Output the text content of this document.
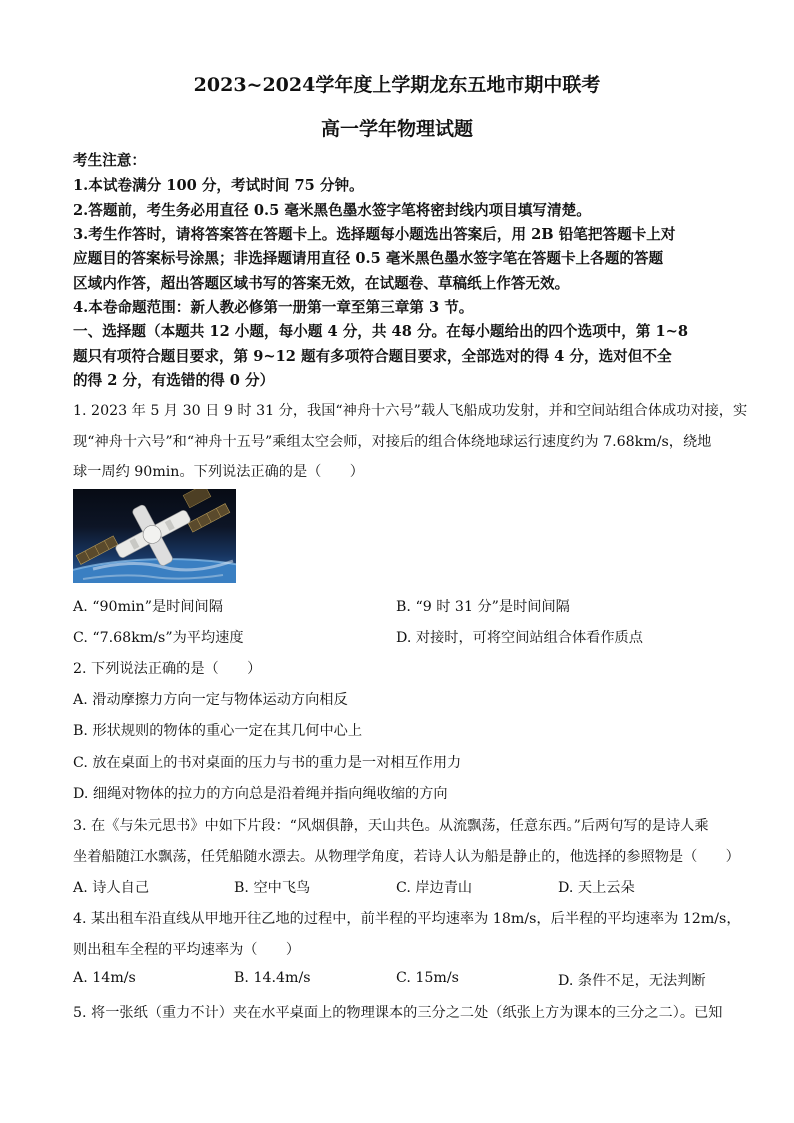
2023~2024学年度上学期龙东五地市期中联考
高一学年物理试题
考生注意：
1.本试卷满分 100 分，考试时间 75 分钟。
2.答题前，考生务必用直径 0.5 毫米黑色墨水签字笔将密封线内项目填写清楚。
3.考生作答时，请将答案答在答题卡上。选择题每小题选出答案后，用 2B 铅笔把答题卡上对
应题目的答案标号涂黑；非选择题请用直径 0.5 毫米黑色墨水签字笔在答题卡上各题的答题
区域内作答，超出答题区域书写的答案无效，在试题卷、草稿纸上作答无效。
4.本卷命题范围：新人教必修第一册第一章至第三章第 3 节。
一、选择题（本题共 12 小题，每小题 4 分，共 48 分。在每小题给出的四个选项中，第 1~8
题只有项符合题目要求，第 9~12 题有多项符合题目要求，全部选对的得 4 分，选对但不全
的得 2 分，有选错的得 0 分）
1. 2023 年 5 月 30 日 9 时 31 分，我国“神舟十六号”载人飞船成功发射，并和空间站组合体成功对接，实
现“神舟十六号”和“神舟十五号”乘组太空会师，对接后的组合体绕地球运行速度约为 7.68km/s，绕地
球一周约 90min。下列说法正确的是（　　）
A. “90min”是时间间隔	B. “9 时 31 分”是时间间隔
C. “7.68km/s”为平均速度	D. 对接时，可将空间站组合体看作质点
2. 下列说法正确的是（　　）
A. 滑动摩擦力方向一定与物体运动方向相反
B. 形状规则的物体的重心一定在其几何中心上
C. 放在桌面上的书对桌面的压力与书的重力是一对相互作用力
D. 细绳对物体的拉力的方向总是沿着绳并指向绳收缩的方向
3. 在《与朱元思书》中如下片段：“风烟俱静，天山共色。从流飘荡，任意东西。”后两句写的是诗人乘
坐着船随江水飘荡，任凭船随水漂去。从物理学角度，若诗人认为船是静止的，他选择的参照物是（　　）
A. 诗人自己	B. 空中飞鸟	C. 岸边青山	D. 天上云朵
4. 某出租车沿直线从甲地开往乙地的过程中，前半程的平均速率为 18m/s，后半程的平均速率为 12m/s，
则出租车全程的平均速率为（　　）
A. 14m/s	B. 14.4m/s	C. 15m/s	D. 条件不足，无法判断
5. 将一张纸（重力不计）夹在水平桌面上的物理课本的三分之二处（纸张上方为课本的三分之二）。已知
